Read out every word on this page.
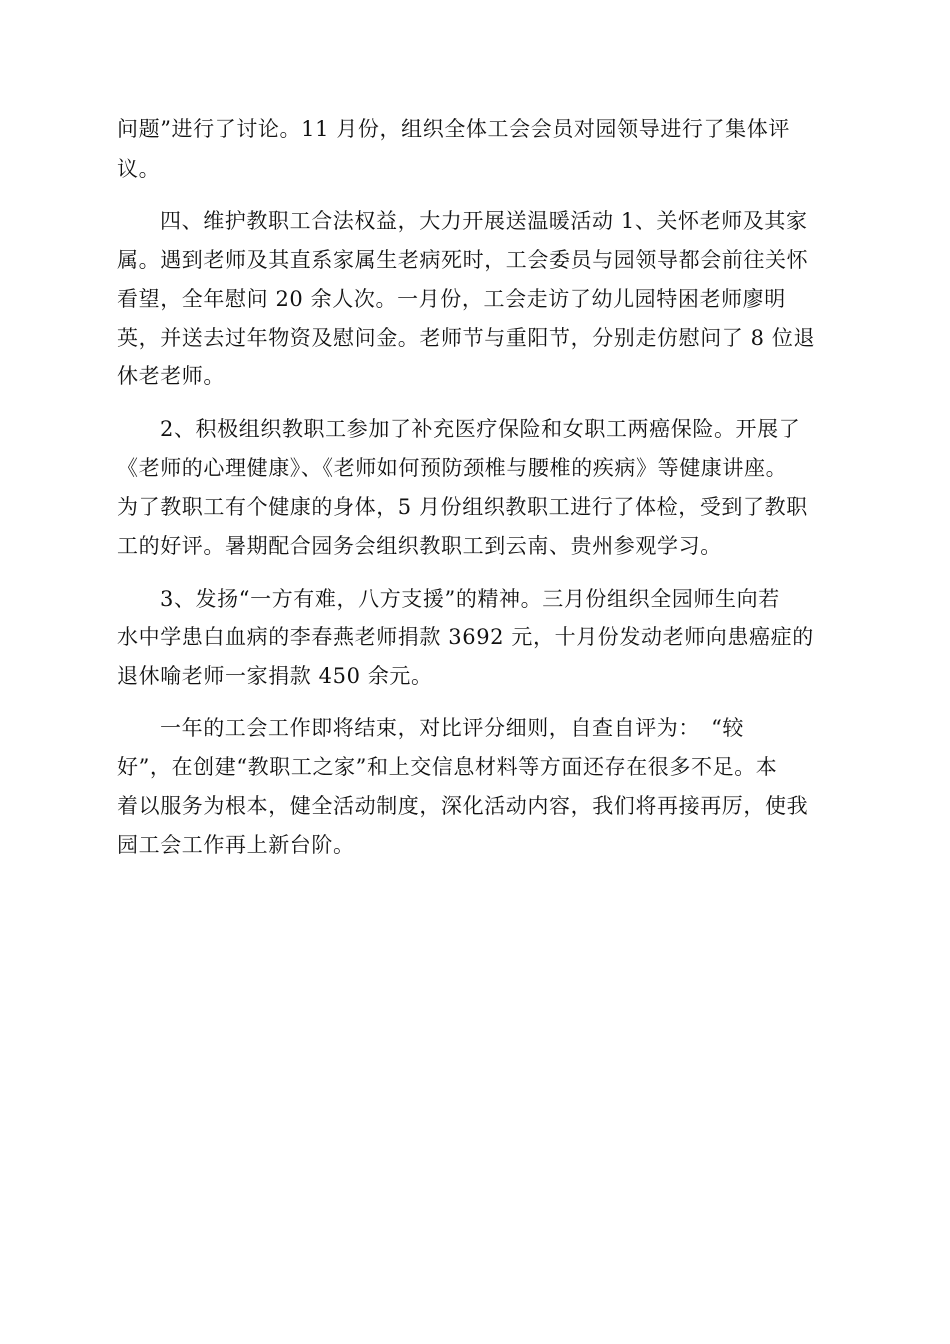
问题”进行了讨论。11 月份，组织全体工会会员对园领导进行了集体评

议。

四、维护教职工合法权益，大力开展送温暖活动 1、关怀老师及其家

属。遇到老师及其直系家属生老病死时，工会委员与园领导都会前往关怀

看望，全年慰问 20 余人次。一月份，工会走访了幼儿园特困老师廖明

英，并送去过年物资及慰问金。老师节与重阳节，分别走仿慰问了 8 位退

休老老师。

2、积极组织教职工参加了补充医疗保险和女职工两癌保险。开展了

《老师的心理健康》、《老师如何预防颈椎与腰椎的疾病》等健康讲座。

为了教职工有个健康的身体，5 月份组织教职工进行了体检，受到了教职

工的好评。暑期配合园务会组织教职工到云南、贵州参观学习。

3、发扬“一方有难，八方支援”的精神。三月份组织全园师生向若

水中学患白血病的李春燕老师捐款 3692 元，十月份发动老师向患癌症的

退休喻老师一家捐款 450 余元。

一年的工会工作即将结束，对比评分细则，自查自评为：　“较

好”，在创建“教职工之家”和上交信息材料等方面还存在很多不足。本

着以服务为根本，健全活动制度，深化活动内容，我们将再接再厉，使我

园工会工作再上新台阶。
